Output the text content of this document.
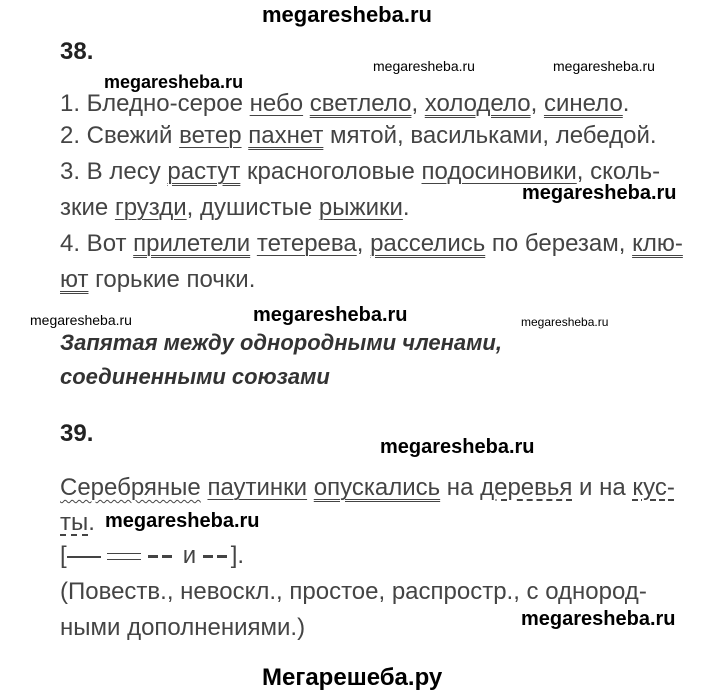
megaresheba.ru
38.
megaresheba.ru	megaresheba.ru
megaresheba.ru
1. Бледно-серое небо светлело, холодело, синело.
2. Свежий ветер пахнет мятой, васильками, лебедой.
3. В лесу растут красноголовые подосиновики, сколь-
megaresheba.ru
зкие грузди, душистые рыжики.
4. Вот прилетели тетерева, расселись по березам, клю-
ют горькие почки.
megaresheba.ru	megaresheba.ru	megaresheba.ru
Запятая между однородными членами,
соединенными союзами
39.	megaresheba.ru
Серебряные паутинки опускались на деревья и на кус-
ты. megaresheba.ru
[	и ].
(Повеств., невоскл., простое, распростр., с однород-
ными дополнениями.)	megaresheba.ru
Мегарешеба.ру
